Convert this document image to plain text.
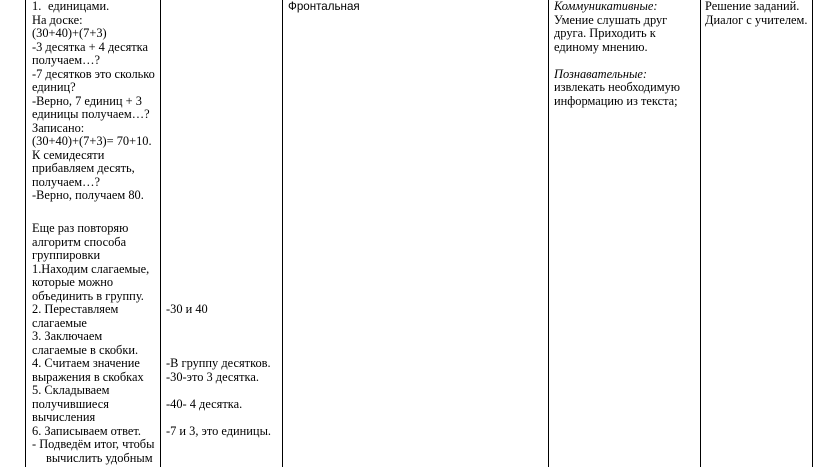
1. единицами.
На доске:
(30+40)+(7+3)
-3 десятка + 4 десятка
получаем…?
-7 десятков это сколько
единиц?
-Верно, 7 единиц + 3
единицы получаем…?
Записано:
(30+40)+(7+3)= 70+10.
К семидесяти
прибавляем десять,
получаем…?
-Верно, получаем 80.
Еще раз повторяю
алгоритм способа
группировки
1.Находим слагаемые,
которые можно
объединить в группу.
2. Переставляем
слагаемые
3. Заключаем
слагаемые в скобки.
4. Считаем значение
выражения в скобках
5. Складываем
получившиеся
вычисления
6. Записываем ответ.
- Подведём итог, чтобы
вычислить удобным
-30 и 40
-В группу десятков.
-30-это 3 десятка.
-40- 4 десятка.
-7 и 3, это единицы.
Фронтальная	Коммуникативные:
Умение слушать друг
друга. Приходить к
единому мнению.
Познавательные:
извлекать необходимую
информацию из текста;
Решение заданий.
Диалог с учителем.
